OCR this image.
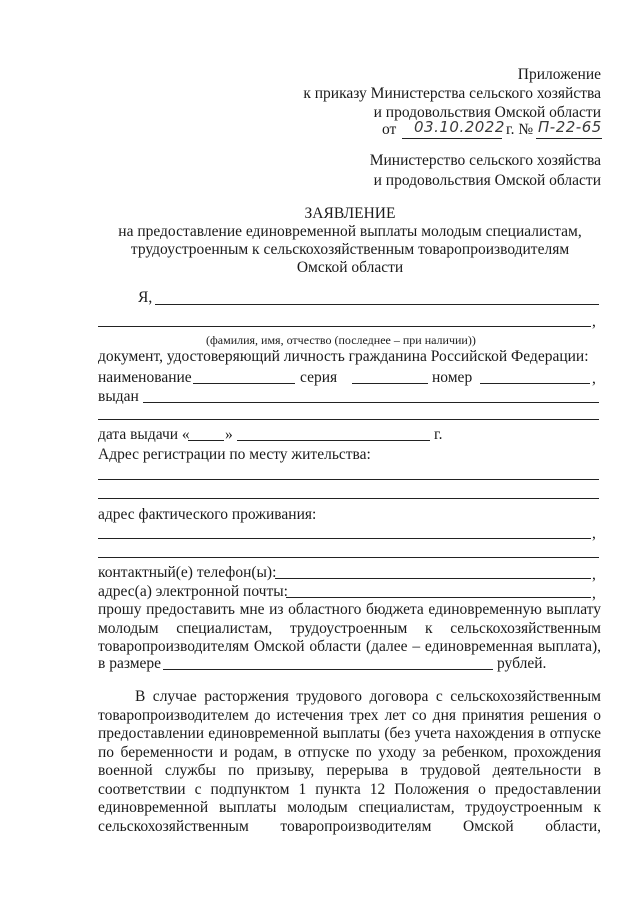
Приложение
к приказу Министерства сельского хозяйства
и продовольствия Омской области
от 03.10.2022 г. № П-22-65
Министерство сельского хозяйства
и продовольствия Омской области
ЗАЯВЛЕНИЕ
на предоставление единовременной выплаты молодым специалистам,
трудоустроенным к сельскохозяйственным товаропроизводителям
Омской области
Я,
,
(фамилия, имя, отчество (последнее – при наличии))
документ, удостоверяющий личность гражданина Российской Федерации:
наименование	серия	номер	,
выдан
дата выдачи « »	г.
Адрес регистрации по месту жительства:
адрес фактического проживания:
,
контактный(е) телефон(ы):	,
адрес(а) электронной почты:	,
прошу предоставить мне из областного бюджета единовременную выплату
молодым специалистам, трудоустроенным к сельскохозяйственным
товаропроизводителям Омской области (далее – единовременная выплата),
в размере	рублей.
В случае расторжения трудового договора с сельскохозяйственным
товаропроизводителем до истечения трех лет со дня принятия решения о
предоставлении единовременной выплаты (без учета нахождения в отпуске
по беременности и родам, в отпуске по уходу за ребенком, прохождения
военной службы по призыву, перерыва в трудовой деятельности в
соответствии с подпунктом 1 пункта 12 Положения о предоставлении
единовременной выплаты молодым специалистам, трудоустроенным к
сельскохозяйственным товаропроизводителям Омской области,
